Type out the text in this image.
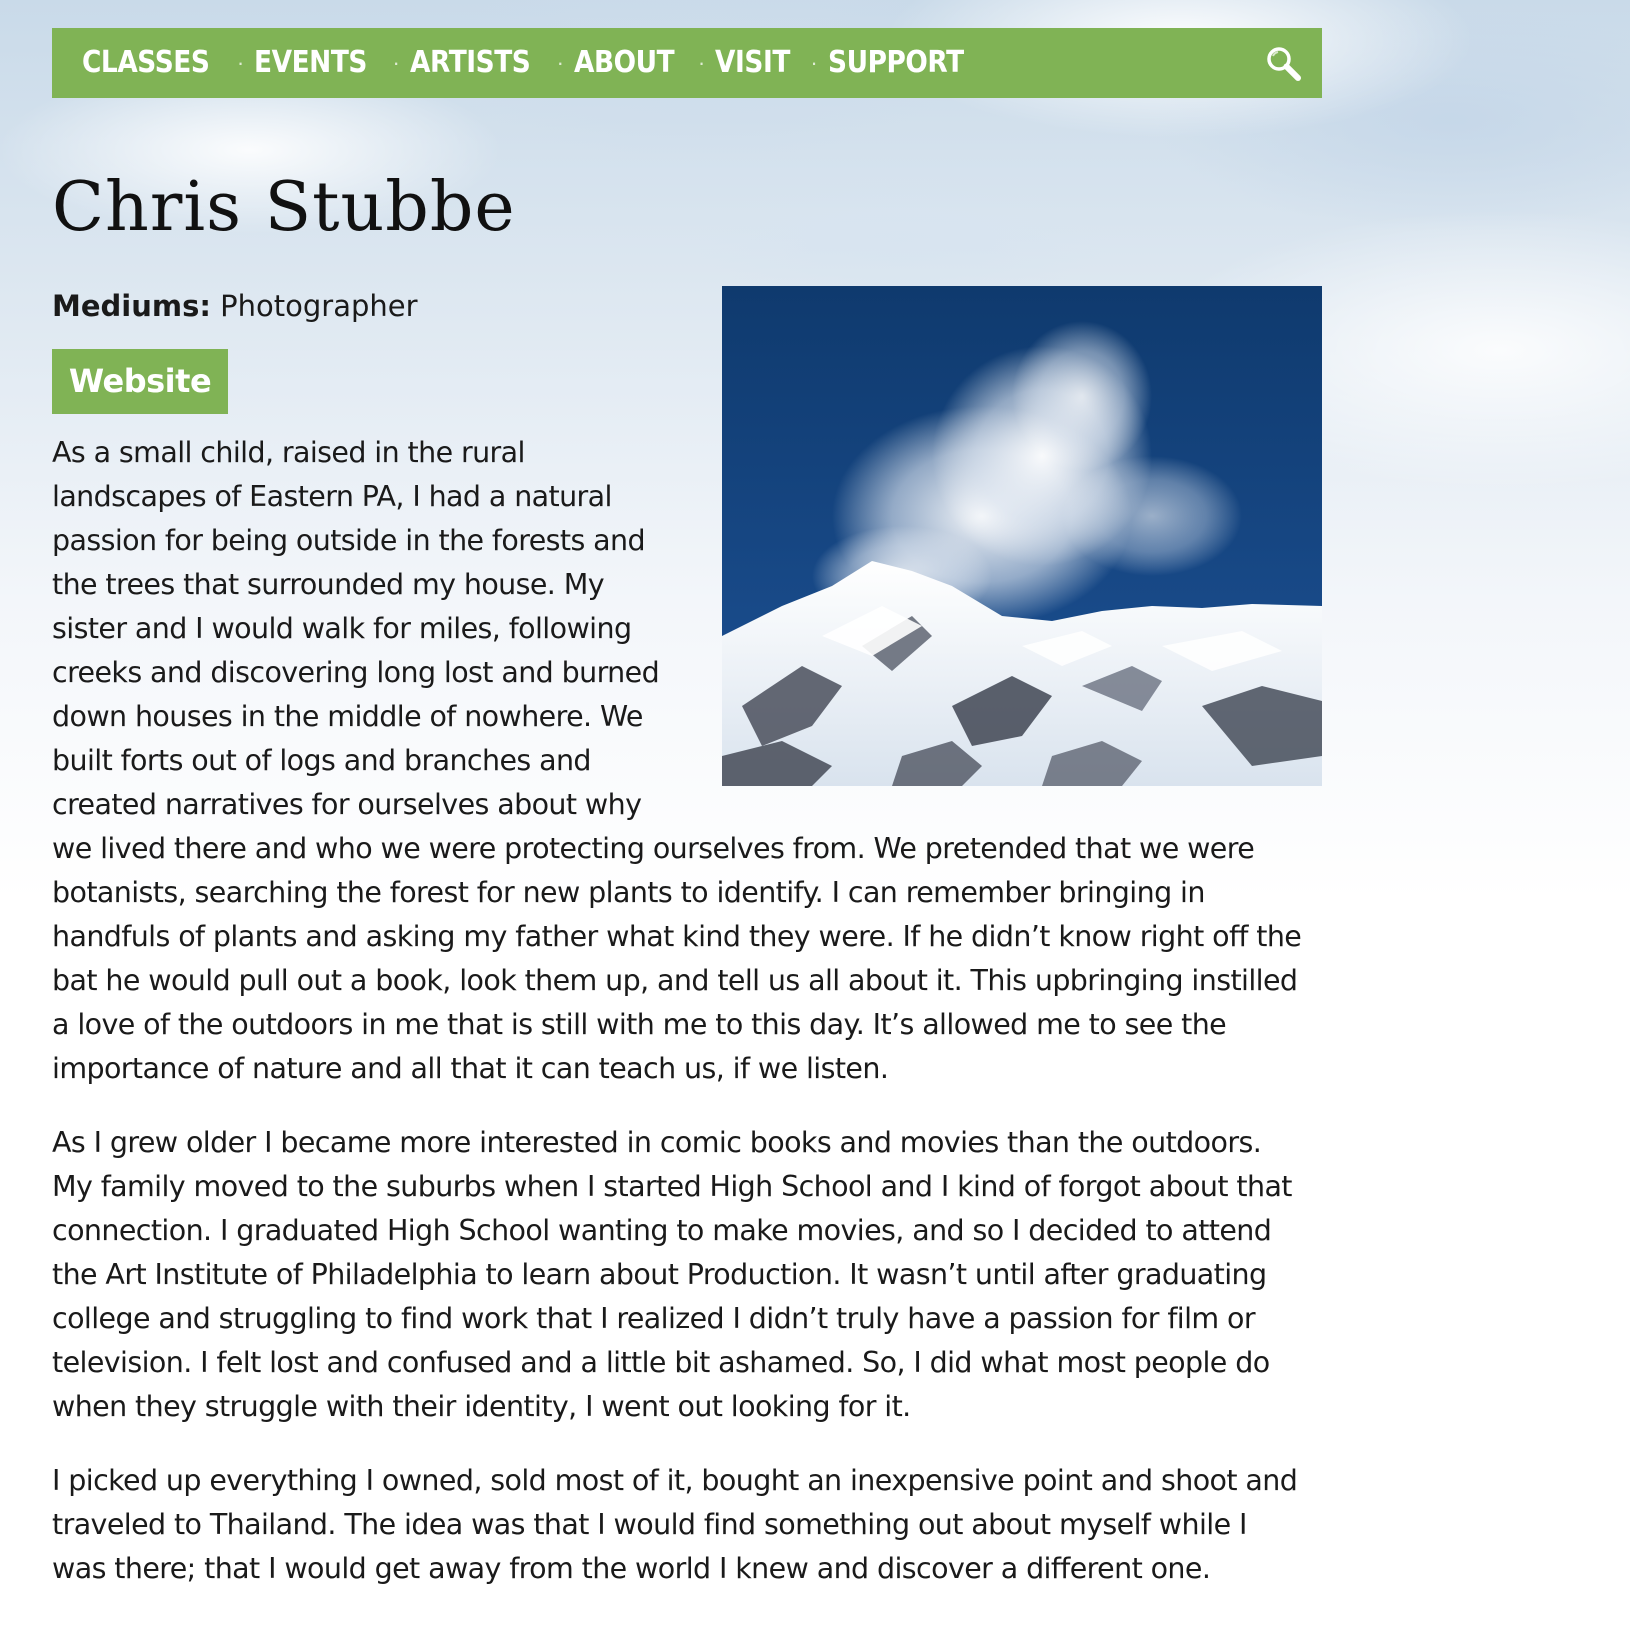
CLASSES · EVENTS · ARTISTS · ABOUT · VISIT · SUPPORT
Chris Stubbe
Mediums: Photographer
Website
As a small child, raised in the rural
landscapes of Eastern PA, I had a natural
passion for being outside in the forests and
the trees that surrounded my house. My
sister and I would walk for miles, following
creeks and discovering long lost and burned
down houses in the middle of nowhere. We
built forts out of logs and branches and
created narratives for ourselves about why
we lived there and who we were protecting ourselves from. We pretended that we were
botanists, searching the forest for new plants to identify. I can remember bringing in
handfuls of plants and asking my father what kind they were. If he didn’t know right off the
bat he would pull out a book, look them up, and tell us all about it. This upbringing instilled
a love of the outdoors in me that is still with me to this day. It’s allowed me to see the
importance of nature and all that it can teach us, if we listen.
As I grew older I became more interested in comic books and movies than the outdoors.
My family moved to the suburbs when I started High School and I kind of forgot about that
connection. I graduated High School wanting to make movies, and so I decided to attend
the Art Institute of Philadelphia to learn about Production. It wasn’t until after graduating
college and struggling to find work that I realized I didn’t truly have a passion for film or
television. I felt lost and confused and a little bit ashamed. So, I did what most people do
when they struggle with their identity, I went out looking for it.
I picked up everything I owned, sold most of it, bought an inexpensive point and shoot and
traveled to Thailand. The idea was that I would find something out about myself while I
was there; that I would get away from the world I knew and discover a different one.
